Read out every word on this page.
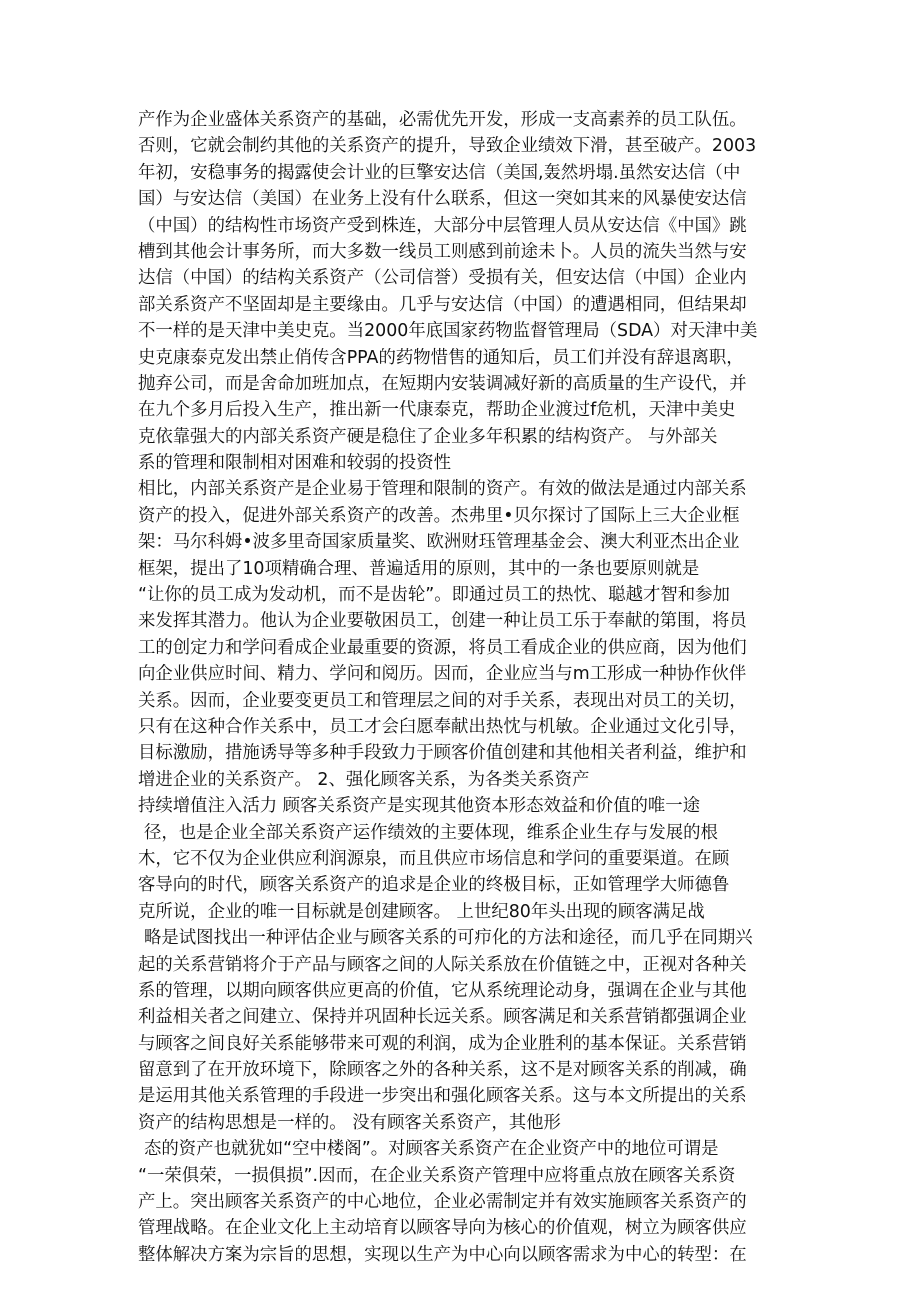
产作为企业盛体关系资产的基础，必需优先开发，形成一支高素养的员工队伍。
否则，它就会制约其他的关系资产的提升，导致企业绩效下滑，甚至破产。2003
年初，安稳事务的揭露使会计业的巨擎安达信（美国,轰然坍塌.虽然安达信（中
国）与安达信（美国）在业务上没有什么联系，但这一突如其来的风暴使安达信
（中国）的结构性市场资产受到株连，大部分中层管理人员从安达信《中国》跳
槽到其他会计事务所，而大多数一线员工则感到前途未卜。人员的流失当然与安
达信（中国）的结构关系资产（公司信誉）受损有关，但安达信（中国）企业内
部关系资产不坚固却是主要缘由。几乎与安达信（中国）的遭遇相同，但结果却
不一样的是天津中美史克。当2000年底国家药物监督管理局（SDA）对天津中美
史克康泰克发出禁止俏传含PPA的药物惜售的通知后，员工们并没有辞退离职，
抛弃公司，而是舍命加班加点，在短期内安装调减好新的高质量的生产设代，并
在九个多月后投入生产，推出新一代康泰克，帮助企业渡过f危机，天津中美史
克依靠强大的内部关系资产硬是稳住了企业多年积累的结构资产。 与外部关
系的管理和限制相对困难和较弱的投资性
相比，内部关系资产是企业易于管理和限制的资产。有效的做法是通过内部关系
资产的投入，促进外部关系资产的改善。杰弗里•贝尔探讨了国际上三大企业框
架：马尔科姆•波多里奇国家质量奖、欧洲财珏管理基金会、澳大利亚杰出企业
框架，提出了10项精确合理、普遍适用的原则，其中的一条也要原则就是
“让你的员工成为发动机，而不是齿轮”。即通过员工的热忱、聪越才智和参加
来发挥其潜力。他认为企业要敬困员工，创建一种让员工乐于奉献的第围，将员
工的创定力和学问看成企业最重要的资源，将员工看成企业的供应商，因为他们
向企业供应时间、精力、学问和阅历。因而，企业应当与m工形成一种协作伙伴
关系。因而，企业要变更员工和管理层之间的对手关系，表现出对员工的关切，
只有在这种合作关系中，员工才会臼愿奉献出热忱与机敏。企业通过文化引导，
目标激励，措施诱导等多种手段致力于顾客价值创建和其他相关者利益，维护和
增进企业的关系资产。 2、强化顾客关系，为各类关系资产
持续增值注入活力 顾客关系资产是实现其他资本形态效益和价值的唯一途
径，也是企业全部关系资产运作绩效的主要体现，维系企业生存与发展的根
木，它不仅为企业供应利润源泉，而且供应市场信息和学问的重要渠道。在顾
客导向的时代，顾客关系资产的追求是企业的终极目标，正如管理学大师德鲁
克所说，企业的唯一目标就是创建顾客。 上世纪80年头出现的顾客满足战
略是试图找出一种评估企业与顾客关系的可疖化的方法和途径，而几乎在同期兴
起的关系营销将介于产品与顾客之间的人际关系放在价值链之中，正视对各种关
系的管理，以期向顾客供应更高的价值，它从系统理论动身，强调在企业与其他
利益相关者之间建立、保持并巩固种长远关系。顾客满足和关系营销都强调企业
与顾客之间良好关系能够带来可观的利润，成为企业胜利的基本保证。关系营销
留意到了在开放环境下，除顾客之外的各种关系，这不是对顾客关系的削减，确
是运用其他关系管理的手段进一步突出和强化顾客关系。这与本文所提出的关系
资产的结构思想是一样的。 没有顾客关系资产，其他形
态的资产也就犹如“空中楼阁”。对顾客关系资产在企业资产中的地位可谓是
“一荣俱荣，一损俱损”.因而，在企业关系资产管理中应将重点放在顾客关系资
产上。突出顾客关系资产的中心地位，企业必需制定并有效实施顾客关系资产的
管理战略。在企业文化上主动培育以顾客导向为核心的价值观，树立为顾客供应
整体解决方案为宗旨的思想，实现以生产为中心向以顾客需求为中心的转型：在
